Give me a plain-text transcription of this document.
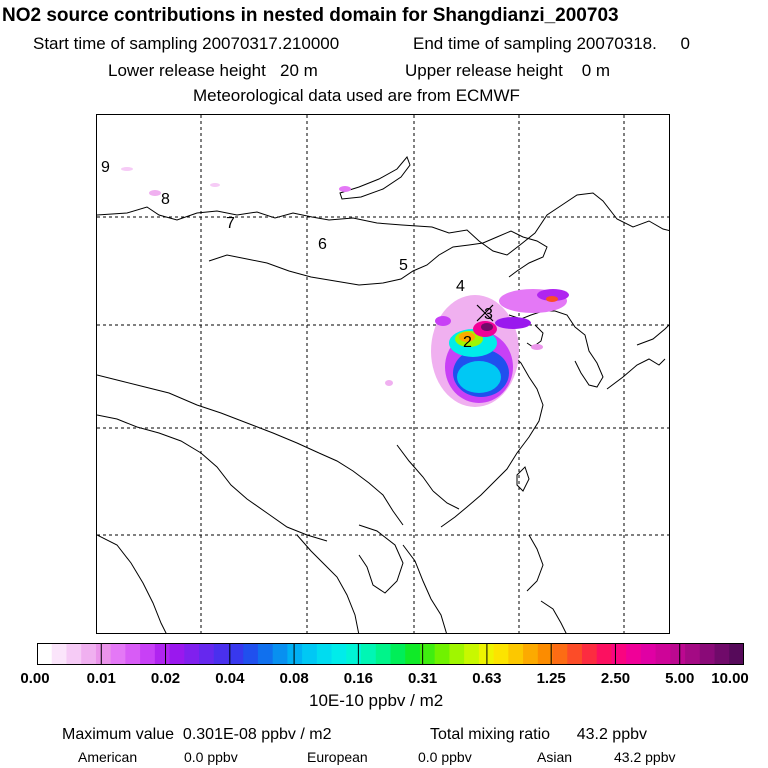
NO2 source contributions in nested domain for Shangdianzi_200703
Start time of sampling 20070317.210000	End time of sampling 20070318.     0
Lower release height   20 m	Upper release height    0 m
Meteorological data used are from ECMWF
2
3
4
5
6
7
8
9
0.00 0.01 0.02 0.04 0.08 0.16 0.31 0.63 1.25 2.50 5.00 10.00
10E-10 ppbv / m2
Maximum value  0.301E-08 ppbv / m2	Total mixing ratio      43.2 ppbv
American	0.0 ppbv	European	0.0 ppbv	Asian	43.2 ppbv
